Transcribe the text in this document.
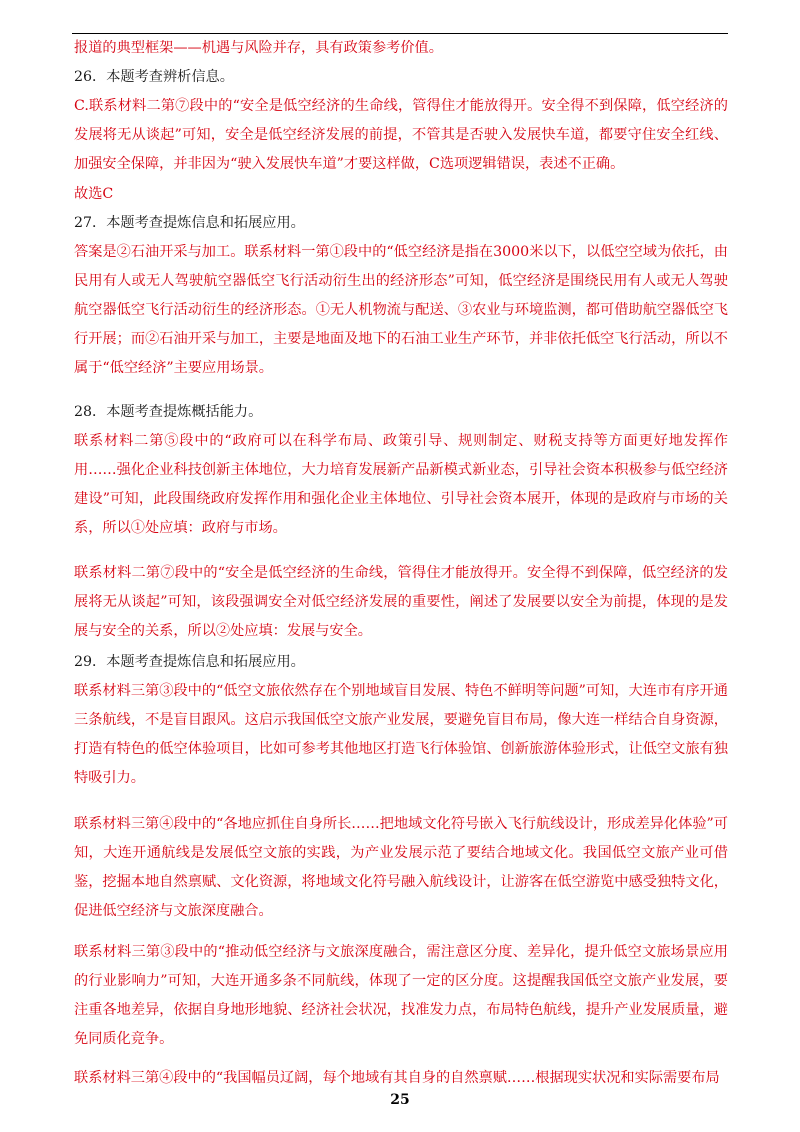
报道的典型框架——机遇与风险并存，具有政策参考价值。

26．本题考查辨析信息。

C.联系材料二第⑦段中的“安全是低空经济的生命线，管得住才能放得开。安全得不到保障，低空经济的发展将无从谈起”可知，安全是低空经济发展的前提，不管其是否驶入发展快车道，都要守住安全红线、加强安全保障，并非因为“驶入发展快车道”才要这样做，C选项逻辑错误，表述不正确。

故选C

27．本题考查提炼信息和拓展应用。

答案是②石油开采与加工。联系材料一第①段中的“低空经济是指在3000米以下，以低空空域为依托，由民用有人或无人驾驶航空器低空飞行活动衍生出的经济形态”可知，低空经济是围绕民用有人或无人驾驶航空器低空飞行活动衍生的经济形态。①无人机物流与配送、③农业与环境监测，都可借助航空器低空飞行开展；而②石油开采与加工，主要是地面及地下的石油工业生产环节，并非依托低空飞行活动，所以不属于“低空经济”主要应用场景。

28．本题考查提炼概括能力。

联系材料二第⑤段中的“政府可以在科学布局、政策引导、规则制定、财税支持等方面更好地发挥作用……强化企业科技创新主体地位，大力培育发展新产品新模式新业态，引导社会资本积极参与低空经济建设”可知，此段围绕政府发挥作用和强化企业主体地位、引导社会资本展开，体现的是政府与市场的关系，所以①处应填：政府与市场。

联系材料二第⑦段中的“安全是低空经济的生命线，管得住才能放得开。安全得不到保障，低空经济的发展将无从谈起”可知，该段强调安全对低空经济发展的重要性，阐述了发展要以安全为前提，体现的是发展与安全的关系，所以②处应填：发展与安全。

29．本题考查提炼信息和拓展应用。

联系材料三第③段中的“低空文旅依然存在个别地域盲目发展、特色不鲜明等问题”可知，大连市有序开通三条航线，不是盲目跟风。这启示我国低空文旅产业发展，要避免盲目布局，像大连一样结合自身资源，打造有特色的低空体验项目，比如可参考其他地区打造飞行体验馆、创新旅游体验形式，让低空文旅有独特吸引力。

联系材料三第④段中的“各地应抓住自身所长……把地域文化符号嵌入飞行航线设计，形成差异化体验”可知，大连开通航线是发展低空文旅的实践，为产业发展示范了要结合地域文化。我国低空文旅产业可借鉴，挖掘本地自然禀赋、文化资源，将地域文化符号融入航线设计，让游客在低空游览中感受独特文化，促进低空经济与文旅深度融合。

联系材料三第③段中的“推动低空经济与文旅深度融合，需注意区分度、差异化，提升低空文旅场景应用的行业影响力”可知，大连开通多条不同航线，体现了一定的区分度。这提醒我国低空文旅产业发展，要注重各地差异，依据自身地形地貌、经济社会状况，找准发力点，布局特色航线，提升产业发展质量，避免同质化竞争。

联系材料三第④段中的“我国幅员辽阔，每个地域有其自身的自然禀赋……根据现实状况和实际需要布局

25
